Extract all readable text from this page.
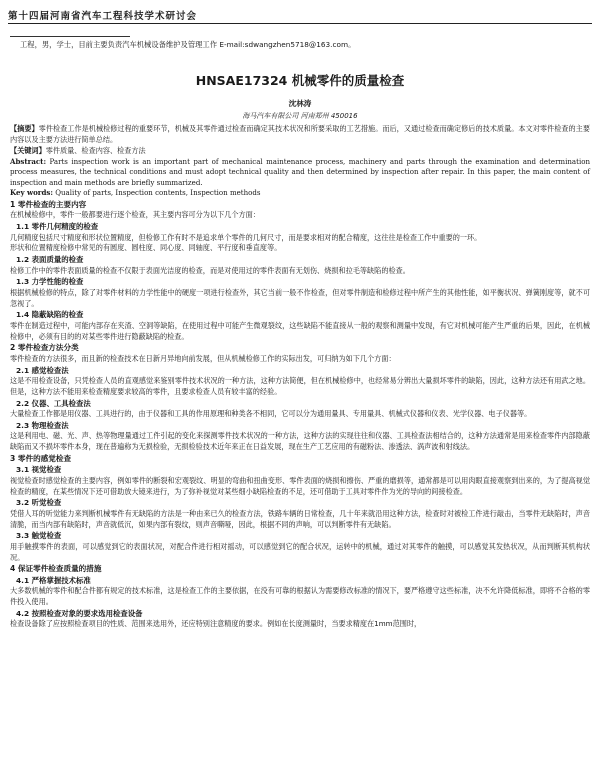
第十四届河南省汽车工程科技学术研讨会
工程，男，学士，目前主要负责汽车机械设备维护及管理工作 E-mail:sdwangzhen5718@163.com。
HNSAE17324 机械零件的质量检查
沈林涛
海马汽车有限公司 河南郑州 450016

【摘要】零件检查工作是机械检修过程的重要环节，机械及其零件通过检查而确定其技术状况和所要采取的工艺措施。而后，又通过检查而确定修后的技术质量。本文对零件检查的主要内容以及主要方法进行简单总结。

【关键词】零件质量、检查内容、检查方法

Abstract: Parts inspection work is an important part of mechanical maintenance process, machinery and parts through the examination and determination process measures, the technical conditions and must adopt technical quality and then determined by inspection after repair. In this paper, the main content of inspection and main methods are briefly summarized.

Key words: Quality of parts, Inspection contents, Inspection methods

1 零件检查的主要内容

在机械检修中，零件一般都要进行逐个检查，其主要内容可分为以下几个方面：

1.1 零件几何精度的检查

几何精度包括尺寸精度和形状位置精度，但检修工作有时不是追求单个零件的几何尺寸，而是要求相对的配合精度，这往往是检查工作中重要的一环。

形状和位置精度检修中常见的有圆度、圆柱度、同心度、同轴度、平行度和垂直度等。

1.2 表面质量的检查

检修工作中的零件表面质量的检查不仅限于表面光洁度的检查，而是对使用过的零件表面有无划伤、烧损和拉毛等缺陷的检查。

1.3 力学性能的检查

根据机械检修的特点，除了对零件材料的力学性能中的硬度一项进行检查外，其它当前一般不作检查，但对零件制造和检修过程中所产生的其他性能，如平衡状况、弹簧刚度等，就不可忽视了。

1.4 隐蔽缺陷的检查

零件在制造过程中，可能内部存在夹渣、空洞等缺陷，在使用过程中可能产生微观裂纹，这些缺陷不能直接从一般的观察和测量中发现，有它对机械可能产生严重的后果，因此，在机械检修中，必须有目的的对某些零件进行隐蔽缺陷的检查。

2 零件检查方法分类

零件检查的方法很多，而且新的检查技术在日新月异地向前发展，但从机械检修工作的实际出发，可归纳为如下几个方面：

2.1 感觉检查法

这是不用检查设备，只凭检查人员的直观感觉来鉴别零件技术状况的一种方法，这种方法简便，但在机械检修中，也经常易分辨出大量损坏零件的缺陷，因此，这种方法还有用武之地。但是，这种方法不能用来检查精度要求较高的零件，且要求检查人员有较丰富的经验。

2.2 仪器、工具检查法

大量检查工作都是用仪器、工具进行的，由于仪器和工具的作用原理和种类各不相同，它可以分为通用量具、专用量具、机械式仪器和仪表、光学仪器、电子仪器等。

2.3 物理检查法

这是利用电、磁、光、声、热等物理量通过工件引起的变化来探测零件技术状况的一种方法，这种方法的实现往往和仪器、工具检查法相结合的，这种方法通常是用来检查零件内部隐蔽缺陷而又不损坏零件本身，现在普遍称为无损检验，无损检验技术近年来正在日益发展，现在生产工艺应用的有磁粉法、渗透法、涡声波和射线法。

3 零件的感觉检查

3.1 视觉检查

视觉检查时感觉检查的主要内容，例如零件的断裂和宏观裂纹、明显的弯曲和扭曲变形、零件表面的烧损和擦伤、严重的磨损等，通常都是可以用肉眼直接观察到出来的，为了提高视觉检查的精度，在某些情况下还可借助放大镜来进行，为了弥补视觉对某些细小缺陷检查的不足，还可借助于工具对零件作为光的导向的间接检查。

3.2 听觉检查

凭借人耳的听觉能力来判断机械零件有无缺陷的方法是一种由来已久的检查方法，铁路车辆的日常检查，几十年来就沿用这种方法，检查时对被检工件进行敲击，当零件无缺陷时，声音清脆，而当内部有缺陷时，声音就低沉，如果内部有裂纹，则声音嘶哑，因此，根据不同的声响，可以判断零件有无缺陷。

3.3 触觉检查

用手触摸零件的表面，可以感觉到它的表面状况，对配合件进行相对摇动，可以感觉到它的配合状况，运转中的机械，通过对其零件的触摸，可以感觉其发热状况，从而判断其机构状况。

4 保证零件检查质量的措施

4.1 严格掌握技术标准

大多数机械的零件和配合件都有规定的技术标准，这是检查工作的主要依据，在没有可靠的根据认为需要修改标准的情况下，要严格遵守这些标准，决不允许降低标准，即将不合格的零件投入使用。

4.2 按照检查对象的要求选用检查设备

检查设备除了应按照检查项目的性质、范围来选用外，还应特别注意精度的要求。例如在长度测量时，当要求精度在1mm范围时，
